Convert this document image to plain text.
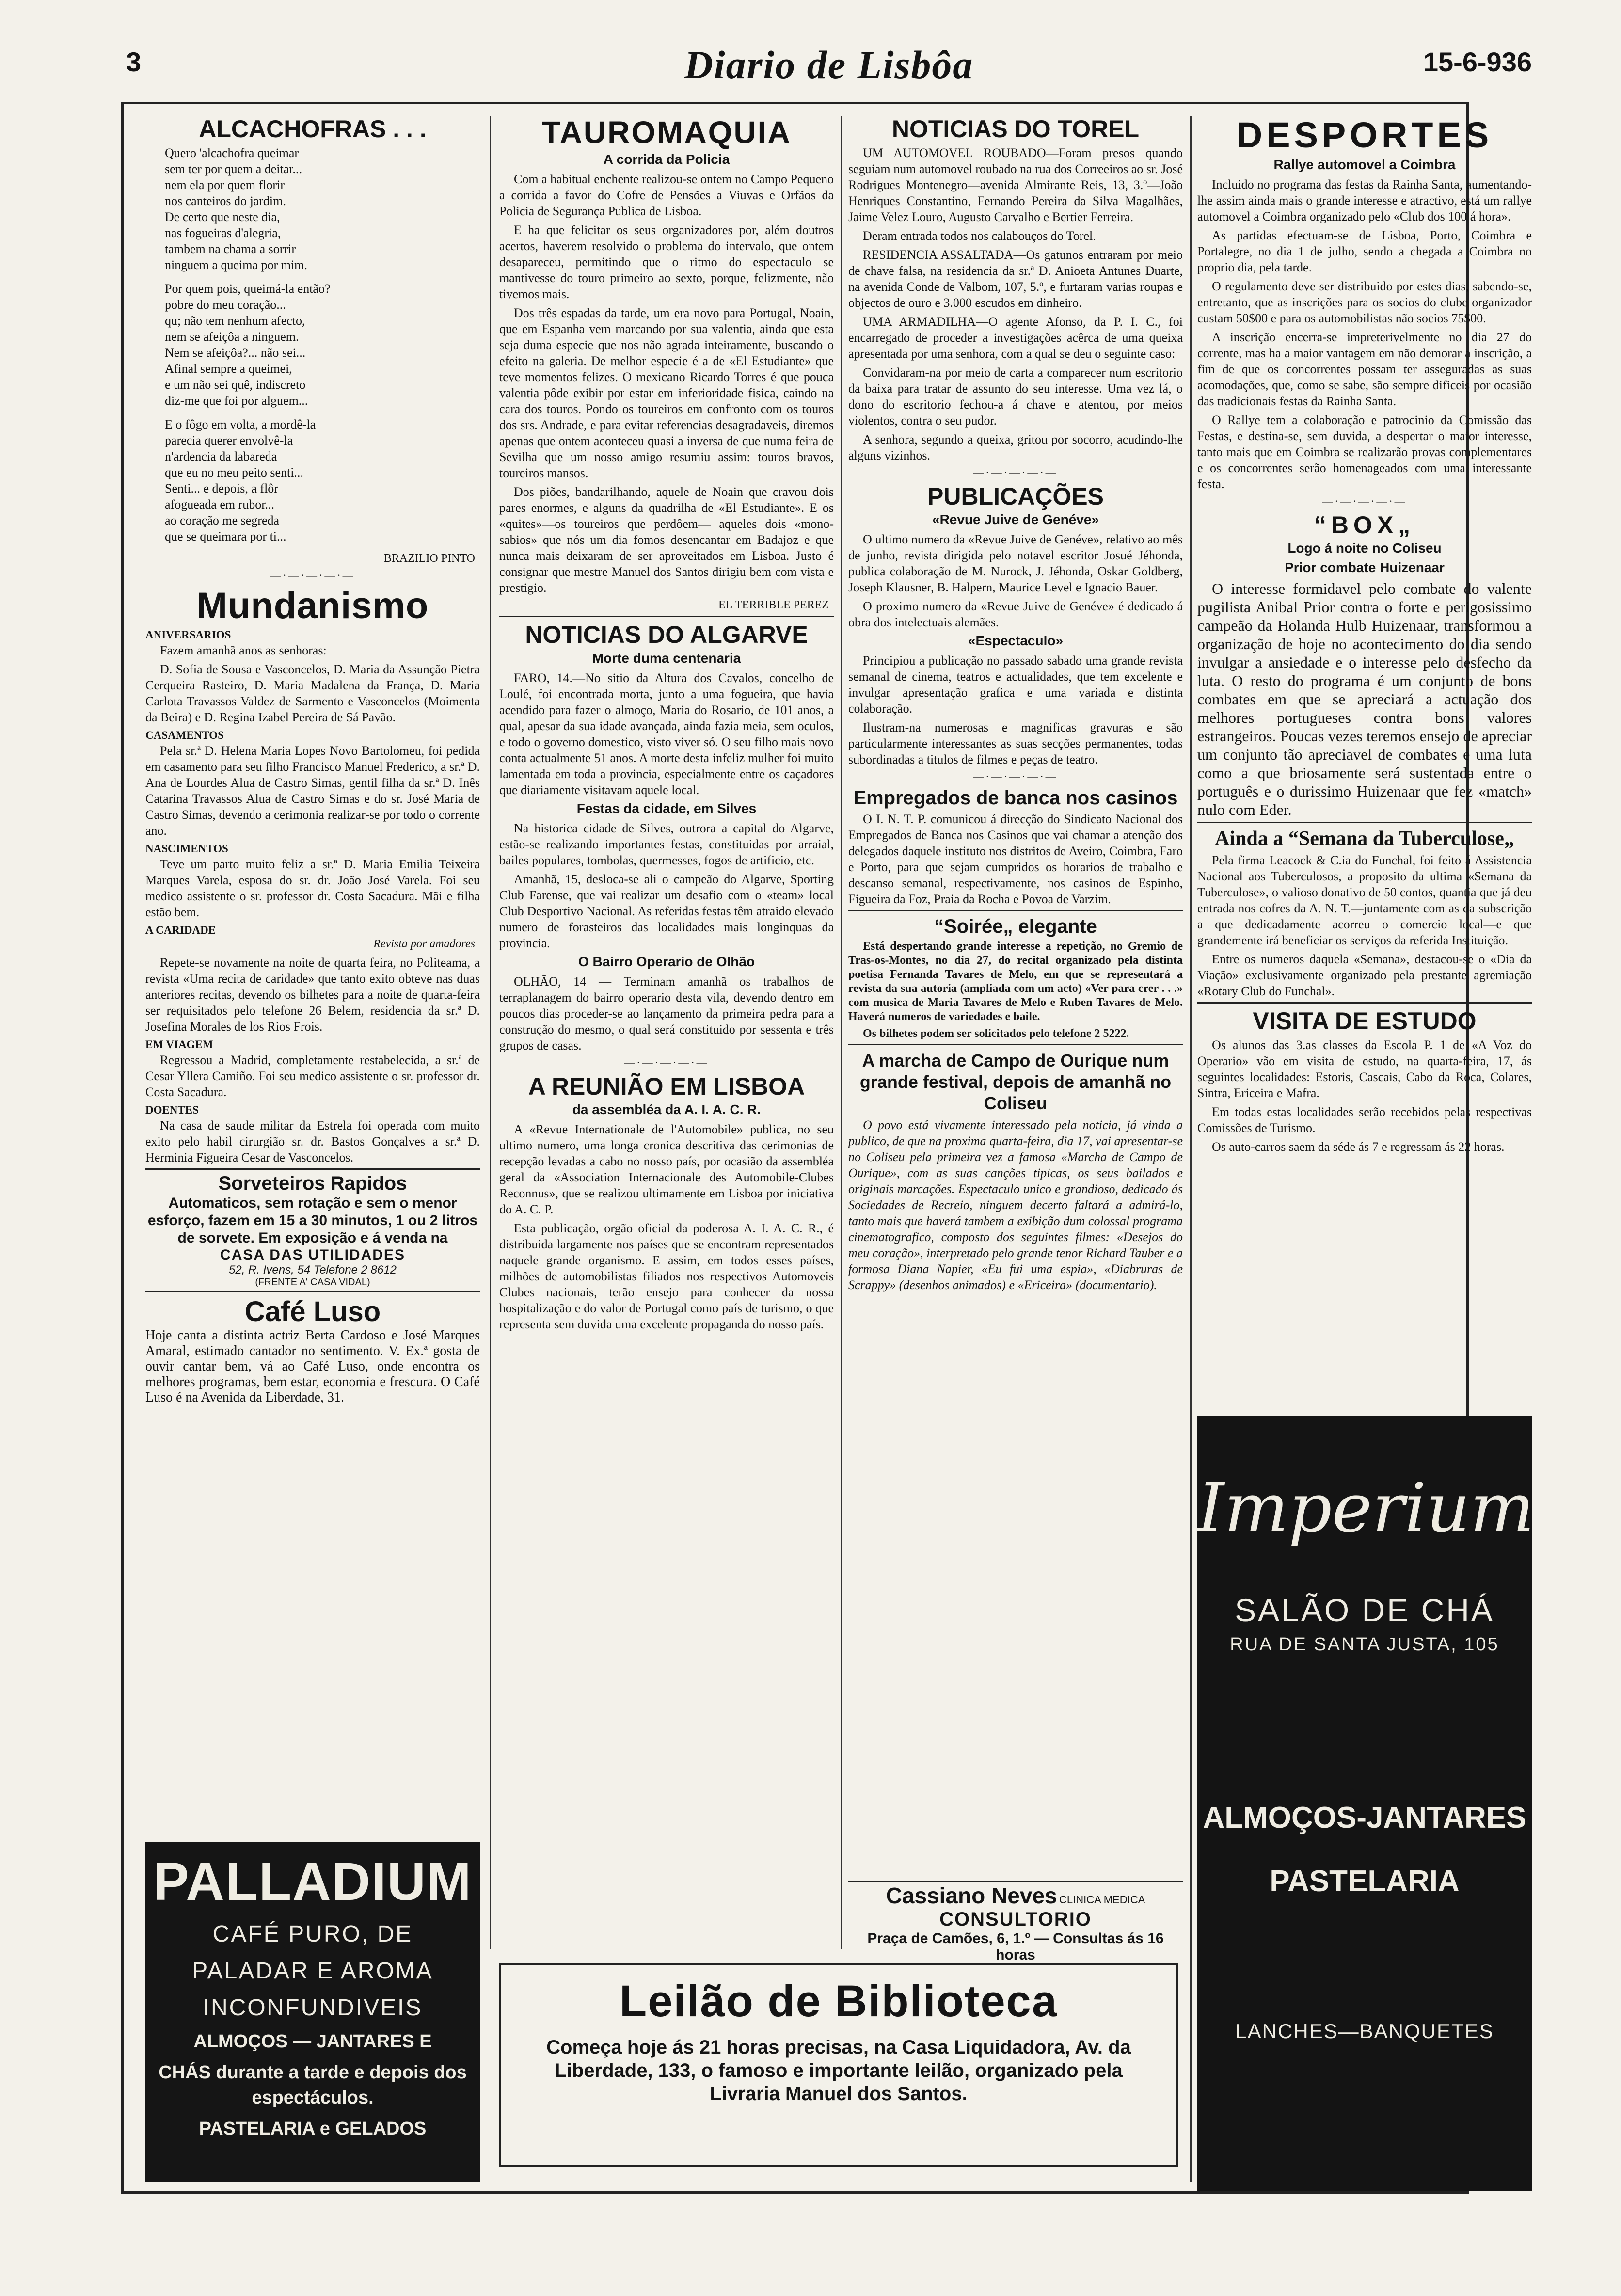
3	Diario de Lisbôa	15-6-936
ALCACHOFRAS . . .
Quero 'alcachofra queimar
sem ter por quem a deitar...
nem ela por quem florir
nos canteiros do jardim.
De certo que neste dia,
nas fogueiras d'alegria,
tambem na chama a sorrir
ninguem a queima por mim.
Por quem pois, queimá-la então?
pobre do meu coração...
qu; não tem nenhum afecto,
nem se afeiçôa a ninguem.
Nem se afeiçôa?... não sei...
Afinal sempre a queimei,
e um não sei quê, indiscreto
diz-me que foi por alguem...
E o fôgo em volta, a mordê-la
parecia querer envolvê-la
n'ardencia da labareda
que eu no meu peito senti...
Senti... e depois, a flôr
afogueada em rubor...
ao coração me segreda
que se queimara por ti...
BRAZILIO PINTO
—·—·—·—·—
Mundanismo
ANIVERSARIOS

Fazem amanhã anos as senhoras:

D. Sofia de Sousa e Vasconcelos, D. Maria da Assunção Pietra Cerqueira Rasteiro, D. Maria Madalena da França, D. Maria Carlota Travassos Valdez de Sarmento e Vasconcelos (Moimenta da Beira) e D. Regina Izabel Pereira de Sá Pavão.

CASAMENTOS

Pela sr.ª D. Helena Maria Lopes Novo Bartolomeu, foi pedida em casamento para seu filho Francisco Manuel Frederico, a sr.ª D. Ana de Lourdes Alua de Castro Simas, gentil filha da sr.ª D. Inês Catarina Travassos Alua de Castro Simas e do sr. José Maria de Castro Simas, devendo a cerimonia realizar-se por todo o corrente ano.

NASCIMENTOS

Teve um parto muito feliz a sr.ª D. Maria Emilia Teixeira Marques Varela, esposa do sr. dr. João José Varela. Foi seu medico assistente o sr. professor dr. Costa Sacadura. Mãi e filha estão bem.

A CARIDADE
Revista por amadores

Repete-se novamente na noite de quarta feira, no Politeama, a revista «Uma recita de caridade» que tanto exito obteve nas duas anteriores recitas, devendo os bilhetes para a noite de quarta-feira ser requisitados pelo telefone 26 Belem, residencia da sr.ª D. Josefina Morales de los Rios Frois.

EM VIAGEM

Regressou a Madrid, completamente restabelecida, a sr.ª de Cesar Yllera Camiño. Foi seu medico assistente o sr. professor dr. Costa Sacadura.

DOENTES

Na casa de saude militar da Estrela foi operada com muito exito pelo habil cirurgião sr. dr. Bastos Gonçalves a sr.ª D. Herminia Figueira Cesar de Vasconcelos.

Sorveteiros Rapidos
Automaticos, sem rotação e sem o menor esforço, fazem em 15 a 30 minutos, 1 ou 2 litros de sorvete. Em exposição e á venda na
CASA DAS UTILIDADES
52, R. Ivens, 54 Telefone 2 8612
(FRENTE A' CASA VIDAL)
Café Luso
Hoje canta a distinta actriz Berta Cardoso e José Marques Amaral, estimado cantador no sentimento. V. Ex.ª gosta de ouvir cantar bem, vá ao Café Luso, onde encontra os melhores programas, bem estar, economia e frescura. O Café Luso é na Avenida da Liberdade, 31.
PALLADIUM
CAFÉ PURO, DE
PALADAR E AROMA
INCONFUNDIVEIS
ALMOÇOS — JANTARES E
CHÁS durante a tarde e depois dos espectáculos.
PASTELARIA e GELADOS
TAUROMAQUIA
A corrida da Policia

Com a habitual enchente realizou-se ontem no Campo Pequeno a corrida a favor do Cofre de Pensões a Viuvas e Orfãos da Policia de Segurança Publica de Lisboa.

E ha que felicitar os seus organizadores por, além doutros acertos, haverem resolvido o problema do intervalo, que ontem desapareceu, permitindo que o ritmo do espectaculo se mantivesse do touro primeiro ao sexto, porque, felizmente, não tivemos mais.

Dos três espadas da tarde, um era novo para Portugal, Noain, que em Espanha vem marcando por sua valentia, ainda que esta seja duma especie que nos não agrada inteiramente, buscando o efeito na galeria. De melhor especie é a de «El Estudiante» que teve momentos felizes. O mexicano Ricardo Torres é que pouca valentia pôde exibir por estar em inferioridade fisica, caindo na cara dos touros. Pondo os toureiros em confronto com os touros dos srs. Andrade, e para evitar referencias desagradaveis, diremos apenas que ontem aconteceu quasi a inversa de que numa feira de Sevilha que um nosso amigo resumiu assim: touros bravos, toureiros mansos.

Dos piões, bandarilhando, aquele de Noain que cravou dois pares enormes, e alguns da quadrilha de «El Estudiante». E os «quites»—os toureiros que perdôem— aqueles dois «mono-sabios» que nós um dia fomos desencantar em Badajoz e que nunca mais deixaram de ser aproveitados em Lisboa. Justo é consignar que mestre Manuel dos Santos dirigiu bem com vista e prestigio.

EL TERRIBLE PEREZ
NOTICIAS DO ALGARVE
Morte duma centenaria

FARO, 14.—No sitio da Altura dos Cavalos, concelho de Loulé, foi encontrada morta, junto a uma fogueira, que havia acendido para fazer o almoço, Maria do Rosario, de 101 anos, a qual, apesar da sua idade avançada, ainda fazia meia, sem oculos, e todo o governo domestico, visto viver só. O seu filho mais novo conta actualmente 51 anos. A morte desta infeliz mulher foi muito lamentada em toda a provincia, especialmente entre os caçadores que diariamente visitavam aquele local.

Festas da cidade, em Silves

Na historica cidade de Silves, outrora a capital do Algarve, estão-se realizando importantes festas, constituidas por arraial, bailes populares, tombolas, quermesses, fogos de artificio, etc.

Amanhã, 15, desloca-se ali o campeão do Algarve, Sporting Club Farense, que vai realizar um desafio com o «team» local Club Desportivo Nacional. As referidas festas têm atraido elevado numero de forasteiros das localidades mais longinquas da provincia.

O Bairro Operario de Olhão

OLHÃO, 14 — Terminam amanhã os trabalhos de terraplanagem do bairro operario desta vila, devendo dentro em poucos dias proceder-se ao lançamento da primeira pedra para a construção do mesmo, o qual será constituido por sessenta e três grupos de casas.

—·—·—·—·—
A REUNIÃO EM LISBOA
da assembléa da A. I. A. C. R.

A «Revue Internationale de l'Automobile» publica, no seu ultimo numero, uma longa cronica descritiva das cerimonias de recepção levadas a cabo no nosso país, por ocasião da assembléa geral da «Association Internacionale des Automobile-Clubes Reconnus», que se realizou ultimamente em Lisboa por iniciativa do A. C. P.

Esta publicação, orgão oficial da poderosa A. I. A. C. R., é distribuida largamente nos países que se encontram representados naquele grande organismo. E assim, em todos esses países, milhões de automobilistas filiados nos respectivos Automoveis Clubes nacionais, terão ensejo para conhecer da nossa hospitalização e do valor de Portugal como país de turismo, o que representa sem duvida uma excelente propaganda do nosso país.

NOTICIAS DO TOREL

UM AUTOMOVEL ROUBADO—Foram presos quando seguiam num automovel roubado na rua dos Correeiros ao sr. José Rodrigues Montenegro—avenida Almirante Reis, 13, 3.º—João Henriques Constantino, Fernando Pereira da Silva Magalhães, Jaime Velez Louro, Augusto Carvalho e Bertier Ferreira.

Deram entrada todos nos calabouços do Torel.

RESIDENCIA ASSALTADA—Os gatunos entraram por meio de chave falsa, na residencia da sr.ª D. Anioeta Antunes Duarte, na avenida Conde de Valbom, 107, 5.º, e furtaram varias roupas e objectos de ouro e 3.000 escudos em dinheiro.

UMA ARMADILHA—O agente Afonso, da P. I. C., foi encarregado de proceder a investigações acêrca de uma queixa apresentada por uma senhora, com a qual se deu o seguinte caso:

Convidaram-na por meio de carta a comparecer num escritorio da baixa para tratar de assunto do seu interesse. Uma vez lá, o dono do escritorio fechou-a á chave e atentou, por meios violentos, contra o seu pudor.

A senhora, segundo a queixa, gritou por socorro, acudindo-lhe alguns vizinhos.

—·—·—·—·—
PUBLICAÇÕES
«Revue Juive de Genéve»

O ultimo numero da «Revue Juive de Genéve», relativo ao mês de junho, revista dirigida pelo notavel escritor Josué Jéhonda, publica colaboração de M. Nurock, J. Jéhonda, Oskar Goldberg, Joseph Klausner, B. Halpern, Maurice Level e Ignacio Bauer.

O proximo numero da «Revue Juive de Genéve» é dedicado á obra dos intelectuais alemães.

«Espectaculo»

Principiou a publicação no passado sabado uma grande revista semanal de cinema, teatros e actualidades, que tem excelente e invulgar apresentação grafica e uma variada e distinta colaboração.

Ilustram-na numerosas e magnificas gravuras e são particularmente interessantes as suas secções permanentes, todas subordinadas a titulos de filmes e peças de teatro.

—·—·—·—·—
Empregados de banca nos casinos

O I. N. T. P. comunicou á direcção do Sindicato Nacional dos Empregados de Banca nos Casinos que vai chamar a atenção dos delegados daquele instituto nos distritos de Aveiro, Coimbra, Faro e Porto, para que sejam cumpridos os horarios de trabalho e descanso semanal, respectivamente, nos casinos de Espinho, Figueira da Foz, Praia da Rocha e Povoa de Varzim.

“Soirée„ elegante

Está despertando grande interesse a repetição, no Gremio de Tras-os-Montes, no dia 27, do recital organizado pela distinta poetisa Fernanda Tavares de Melo, em que se representará a revista da sua autoria (ampliada com um acto) «Ver para crer . . .» com musica de Maria Tavares de Melo e Ruben Tavares de Melo. Haverá numeros de variedades e baile.

Os bilhetes podem ser solicitados pelo telefone 2 5222.

A marcha de Campo de Ourique num grande festival, depois de amanhã no Coliseu

O povo está vivamente interessado pela noticia, já vinda a publico, de que na proxima quarta-feira, dia 17, vai apresentar-se no Coliseu pela primeira vez a famosa «Marcha de Campo de Ourique», com as suas canções tipicas, os seus bailados e originais marcações. Espectaculo unico e grandioso, dedicado ás Sociedades de Recreio, ninguem decerto faltará a admirá-lo, tanto mais que haverá tambem a exibição dum colossal programa cinematografico, composto dos seguintes filmes: «Desejos do meu coração», interpretado pelo grande tenor Richard Tauber e a formosa Diana Napier, «Eu fui uma espia», «Diabruras de Scrappy» (desenhos animados) e «Ericeira» (documentario).

Cassiano Neves CLINICA MEDICA
CONSULTORIO
Praça de Camões, 6, 1.º — Consultas ás 16 horas
DESPORTES
Rallye automovel a Coimbra

Incluido no programa das festas da Rainha Santa, aumentando-lhe assim ainda mais o grande interesse e atractivo, está um rallye automovel a Coimbra organizado pelo «Club dos 100 á hora».

As partidas efectuam-se de Lisboa, Porto, Coimbra e Portalegre, no dia 1 de julho, sendo a chegada a Coimbra no proprio dia, pela tarde.

O regulamento deve ser distribuido por estes dias, sabendo-se, entretanto, que as inscrições para os socios do clube organizador custam 50$00 e para os automobilistas não socios 75$00.

A inscrição encerra-se impreterivelmente no dia 27 do corrente, mas ha a maior vantagem em não demorar a inscrição, a fim de que os concorrentes possam ter asseguradas as suas acomodações, que, como se sabe, são sempre dificeis por ocasião das tradicionais festas da Rainha Santa.

O Rallye tem a colaboração e patrocinio da Comissão das Festas, e destina-se, sem duvida, a despertar o maior interesse, tanto mais que em Coimbra se realizarão provas complementares e os concorrentes serão homenageados com uma interessante festa.

—·—·—·—·—
“BOX„
Logo á noite no Coliseu
Prior combate Huizenaar

O interesse formidavel pelo combate do valente pugilista Anibal Prior contra o forte e perigosissimo campeão da Holanda Hulb Huizenaar, transformou a organização de hoje no acontecimento do dia sendo invulgar a ansiedade e o interesse pelo desfecho da luta. O resto do programa é um conjunto de bons combates em que se apreciará a actuação dos melhores portugueses contra bons valores estrangeiros. Poucas vezes teremos ensejo de apreciar um conjunto tão apreciavel de combates e uma luta como a que briosamente será sustentada entre o português e o durissimo Huizenaar que fez «match» nulo com Eder.

Ainda a “Semana da Tuberculose„

Pela firma Leacock & C.ia do Funchal, foi feito á Assistencia Nacional aos Tuberculosos, a proposito da ultima «Semana da Tuberculose», o valioso donativo de 50 contos, quantia que já deu entrada nos cofres da A. N. T.—juntamente com as da subscrição a que dedicadamente acorreu o comercio local—e que grandemente irá beneficiar os serviços da referida Instituição.

Entre os numeros daquela «Semana», destacou-se o «Dia da Viação» exclusivamente organizado pela prestante agremiação «Rotary Club do Funchal».

VISITA DE ESTUDO

Os alunos das 3.as classes da Escola P. 1 de «A Voz do Operario» vão em visita de estudo, na quarta-feira, 17, ás seguintes localidades: Estoris, Cascais, Cabo da Roca, Colares, Sintra, Ericeira e Mafra.

Em todas estas localidades serão recebidos pelas respectivas Comissões de Turismo.

Os auto-carros saem da séde ás 7 e regressam ás 22 horas.

Imperium
SALÃO DE CHÁ
RUA DE SANTA JUSTA, 105
ALMOÇOS-JANTARES
PASTELARIA
LANCHES—BANQUETES
Leilão de Biblioteca
Começa hoje ás 21 horas precisas, na Casa Liquidadora, Av. da Liberdade, 133, o famoso e importante leilão, organizado pela Livraria Manuel dos Santos.
